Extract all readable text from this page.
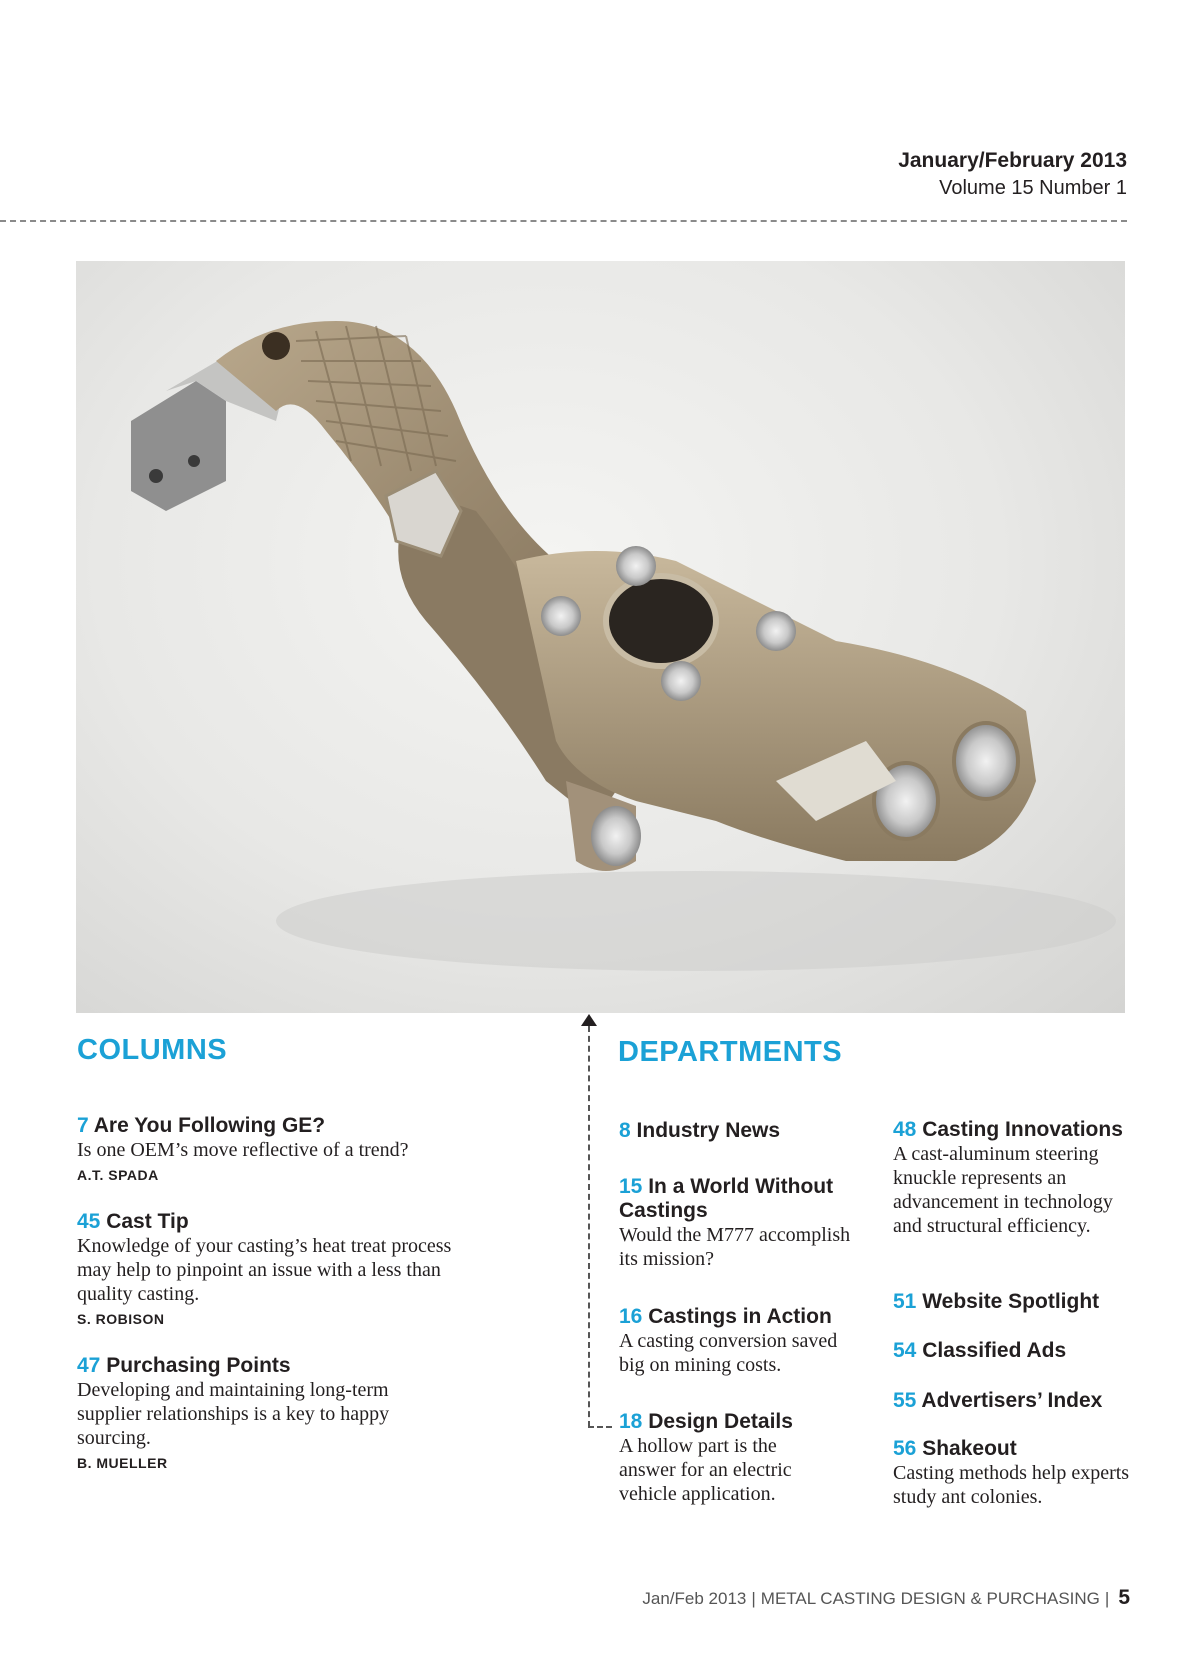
January/February 2013
Volume 15 Number 1
COLUMNS
7 Are You Following GE?
Is one OEM’s move reflective of a trend?
A.T. SPADA
45 Cast Tip
Knowledge of your casting’s heat treat process may help to pinpoint an issue with a less than quality casting.
S. ROBISON
47 Purchasing Points
Developing and maintaining long-term supplier relationships is a key to happy sourcing.
B. MUELLER
DEPARTMENTS
8 Industry News
15 In a World Without Castings
Would the M777 accomplish its mission?
16 Castings in Action
A casting conversion saved big on mining costs.
18 Design Details
A hollow part is the answer for an electric vehicle application.
48 Casting Innovations
A cast-aluminum steering knuckle represents an advancement in technology and structural efficiency.
51 Website Spotlight
54 Classified Ads
55 Advertisers’ Index
56 Shakeout
Casting methods help experts study ant colonies.
Jan/Feb 2013 | METAL CASTING DESIGN & PURCHASING | 5
